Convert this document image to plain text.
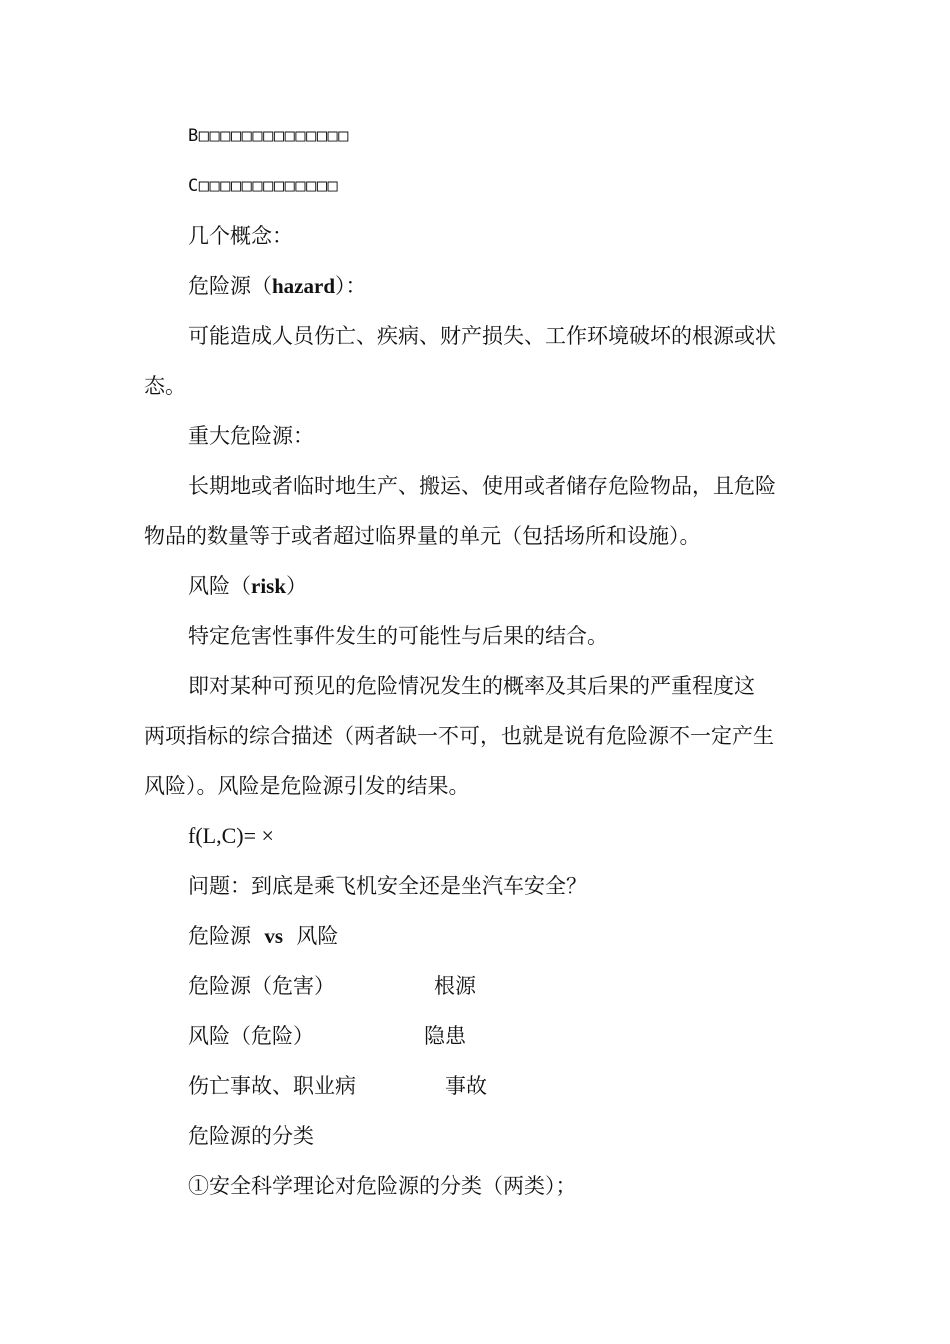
B□□□□□□□□□□□□□□
C□□□□□□□□□□□□□
几个概念：
危险源（hazard）：
可能造成人员伤亡、疾病、财产损失、工作环境破坏的根源或状
态。
重大危险源：
长期地或者临时地生产、搬运、使用或者储存危险物品，且危险
物品的数量等于或者超过临界量的单元（包括场所和设施）。
风险（risk）
特定危害性事件发生的可能性与后果的结合。
即对某种可预见的危险情况发生的概率及其后果的严重程度这
两项指标的综合描述（两者缺一不可，也就是说有危险源不一定产生
风险）。风险是危险源引发的结果。
f(L,C)= ×
问题：到底是乘飞机安全还是坐汽车安全？
危险源 vs 风险
危险源（危害）	根源
风险（危险）	隐患
伤亡事故、职业病	事故
危险源的分类
①安全科学理论对危险源的分类（两类）；
